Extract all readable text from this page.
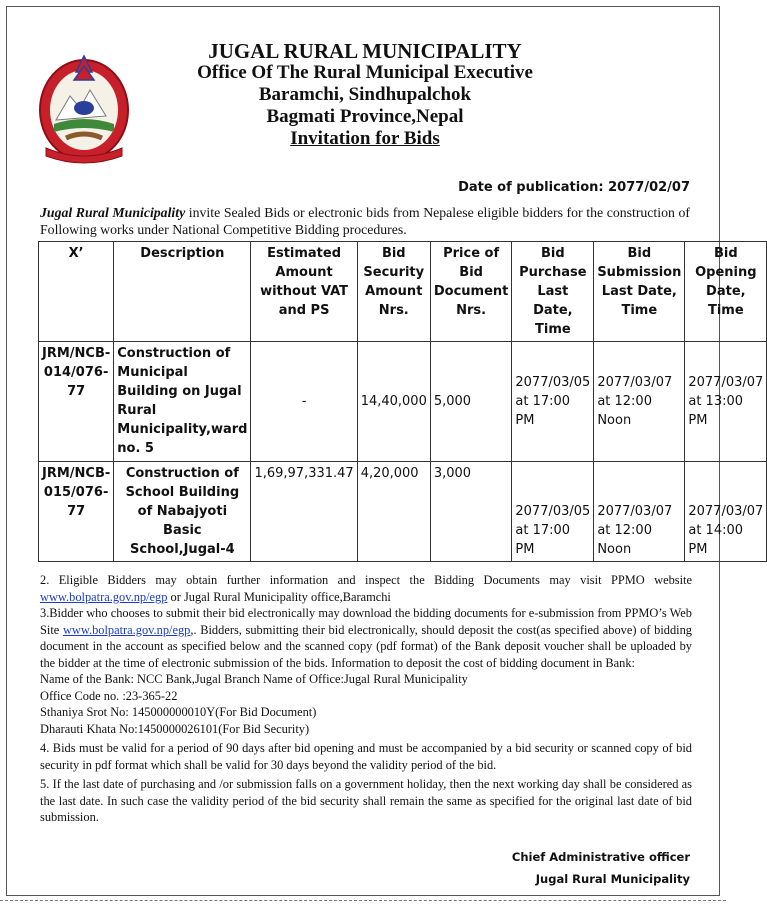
JUGAL RURAL MUNICIPALITY
Office Of The Rural Municipal Executive
Baramchi, Sindhupalchok
Bagmati Province,Nepal
Invitation for Bids
Date of publication: 2077/02/07
Jugal Rural Municipality invite Sealed Bids or electronic bids from Nepalese eligible bidders for the construction of Following works under National Competitive Bidding procedures.
X’	Description	Estimated Amount without VAT and PS	Bid Security Amount Nrs.	Price of Bid Document Nrs.	Bid Purchase Last Date, Time	Bid Submission Last Date, Time	Bid Opening Date, Time
JRM/NCB-014/076-77	Construction of Municipal Building on Jugal Rural Municipality,ward no. 5	-	14,40,000	5,000	2077/03/05 at 17:00 PM	2077/03/07 at 12:00 Noon	2077/03/07 at 13:00 PM
JRM/NCB-015/076-77	Construction of School Building of Nabajyoti Basic School,Jugal-4	1,69,97,331.47	4,20,000	3,000	2077/03/05 at 17:00 PM	2077/03/07 at 12:00 Noon	2077/03/07 at 14:00 PM

2. Eligible Bidders may obtain further information and inspect the Bidding Documents may visit PPMO website www.bolpatra.gov.np/egp or Jugal Rural Municipality office,Baramchi

3.Bidder who chooses to submit their bid electronically may download the bidding documents for e-submission from PPMO’s Web Site www.bolpatra.gov.np/egp,. Bidders, submitting their bid electronically, should deposit the cost(as specified above) of bidding document in the account as specified below and the scanned copy (pdf format) of the Bank deposit voucher shall be uploaded by the bidder at the time of electronic submission of the bids. Information to deposit the cost of bidding document in Bank:

Name of the Bank: NCC Bank,Jugal Branch Name of Office:Jugal Rural Municipality

Office Code no. :23-365-22

Sthaniya Srot No: 145000000010Y(For Bid Document)

Dharauti Khata No:1450000026101(For Bid Security)

4. Bids must be valid for a period of 90 days after bid opening and must be accompanied by a bid security or scanned copy of bid security in pdf format which shall be valid for 30 days beyond the validity period of the bid.

5. If the last date of purchasing and /or submission falls on a government holiday, then the next working day shall be considered as the last date. In such case the validity period of the bid security shall remain the same as specified for the original last date of bid submission.

Chief Administrative officer
Jugal Rural Municipality
